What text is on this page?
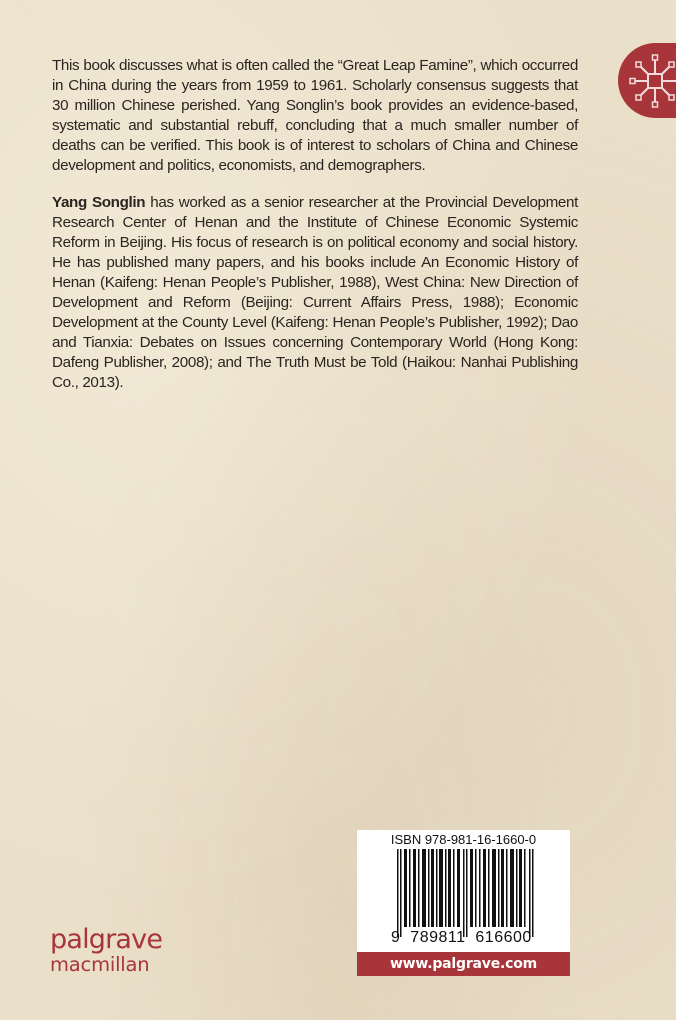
This book discusses what is often called the “Great Leap Famine”, which occurred in China during the years from 1959 to 1961. Scholarly consensus suggests that 30 million Chinese perished. Yang Songlin’s book provides an evidence-based, systematic and substantial rebuff, concluding that a much smaller number of deaths can be verified. This book is of interest to scholars of China and Chinese development and politics, economists, and demographers.

Yang Songlin has worked as a senior researcher at the Provincial Development Research Center of Henan and the Institute of Chinese Economic Systemic Reform in Beijing. His focus of research is on political economy and social history. He has published many papers, and his books include An Economic History of Henan (Kaifeng: Henan People’s Publisher, 1988), West China: New Direction of Development and Reform (Beijing: Current Affairs Press, 1988); Economic Development at the County Level (Kaifeng: Henan People’s Publisher, 1992); Dao and Tianxia: Debates on Issues concerning Contemporary World (Hong Kong: Dafeng Publisher, 2008); and The Truth Must be Told (Haikou: Nanhai Publishing Co., 2013).

palgrave
macmillan
ISBN 978-981-16-1660-0
9 789811 616600
www.palgrave.com
